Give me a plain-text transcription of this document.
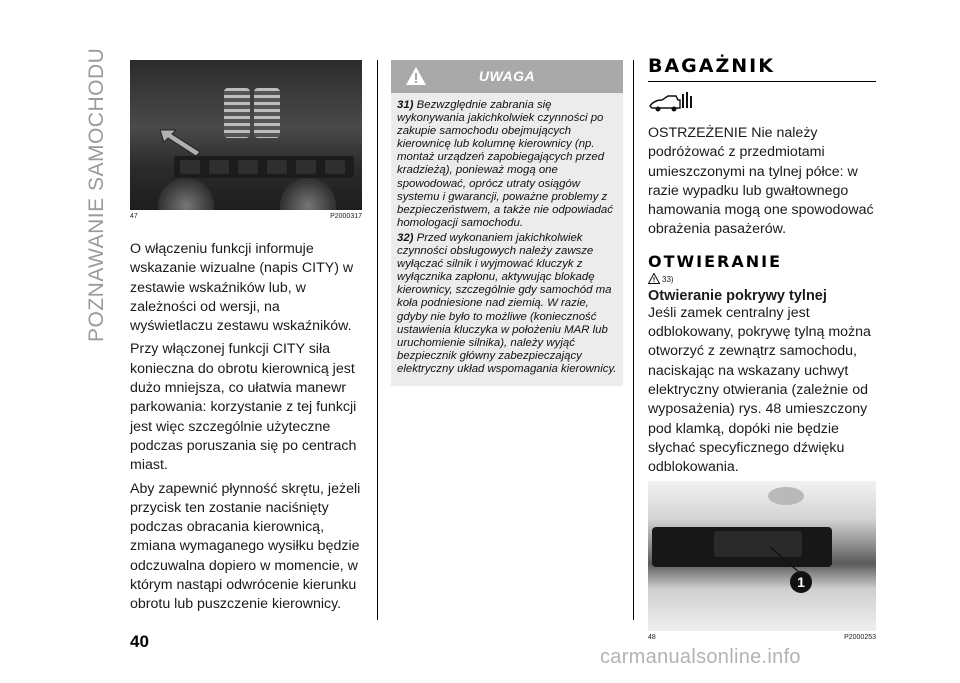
POZNAWANIE SAMOCHODU	47	P2000317

O włączeniu funkcji informuje wskazanie wizualne (napis CITY) w zestawie wskaźników lub, w zależności od wersji, na wyświetlaczu zestawu wskaźników.

Przy włączonej funkcji CITY siła konieczna do obrotu kierownicą jest dużo mniejsza, co ułatwia manewr parkowania: korzystanie z tej funkcji jest więc szczególnie użyteczne podczas poruszania się po centrach miast.

Aby zapewnić płynność skrętu, jeżeli przycisk ten zostanie naciśnięty podczas obracania kierownicą, zmiana wymaganego wysiłku będzie odczuwalna dopiero w momencie, w którym nastąpi odwrócenie kierunku obrotu lub puszczenie kierownicy.

UWAGA

31) Bezwzględnie zabrania się wykonywania jakichkolwiek czynności po zakupie samochodu obejmujących kierownicę lub kolumnę kierownicy (np. montaż urządzeń zapobiegających przed kradzieżą), ponieważ mogą one spowodować, oprócz utraty osiągów systemu i gwarancji, poważne problemy z bezpieczeństwem, a także nie odpowiadać homologacji samochodu.

32) Przed wykonaniem jakichkolwiek czynności obsługowych należy zawsze wyłączać silnik i wyjmować kluczyk z wyłącznika zapłonu, aktywując blokadę kierownicy, szczególnie gdy samochód ma koła podniesione nad ziemią. W razie, gdyby nie było to możliwe (konieczność ustawienia kluczyka w położeniu MAR lub uruchomienie silnika), należy wyjąć bezpiecznik główny zabezpieczający elektryczny układ wspomagania kierownicy.

BAGAŻNIK

OSTRZEŻENIE Nie należy podróżować z przedmiotami umieszczonymi na tylnej półce: w razie wypadku lub gwałtownego hamowania mogą one spowodować obrażenia pasażerów.

OTWIERANIE
33)
Otwieranie pokrywy tylnej

Jeśli zamek centralny jest odblokowany, pokrywę tylną można otworzyć z zewnątrz samochodu, naciskając na wskazany uchwyt elektryczny otwierania (zależnie od wyposażenia) rys. 48 umieszczony pod klamką, dopóki nie będzie słychać specyficznego dźwięku odblokowania.

1
48	P2000253
40
carmanualsonline.info
